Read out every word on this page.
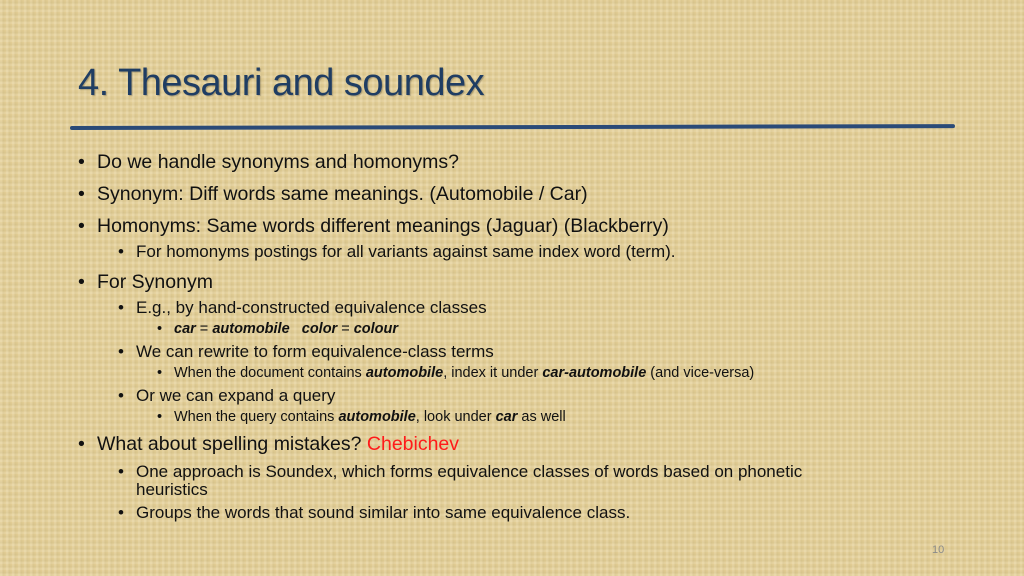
4. Thesauri and soundex
• Do we handle synonyms and homonyms?
• Synonym: Diff words same meanings. (Automobile / Car)
• Homonyms: Same words different meanings (Jaguar) (Blackberry)
• For homonyms postings for all variants against same index word (term).
• For Synonym
• E.g., by hand-constructed equivalence classes
• car = automobile color = colour
• We can rewrite to form equivalence-class terms
• When the document contains automobile, index it under car-automobile (and vice-versa)
• Or we can expand a query
• When the query contains automobile, look under car as well
• What about spelling mistakes? Chebichev
• One approach is Soundex, which forms equivalence classes of words based on phonetic
heuristics
• Groups the words that sound similar into same equivalence class.
10
